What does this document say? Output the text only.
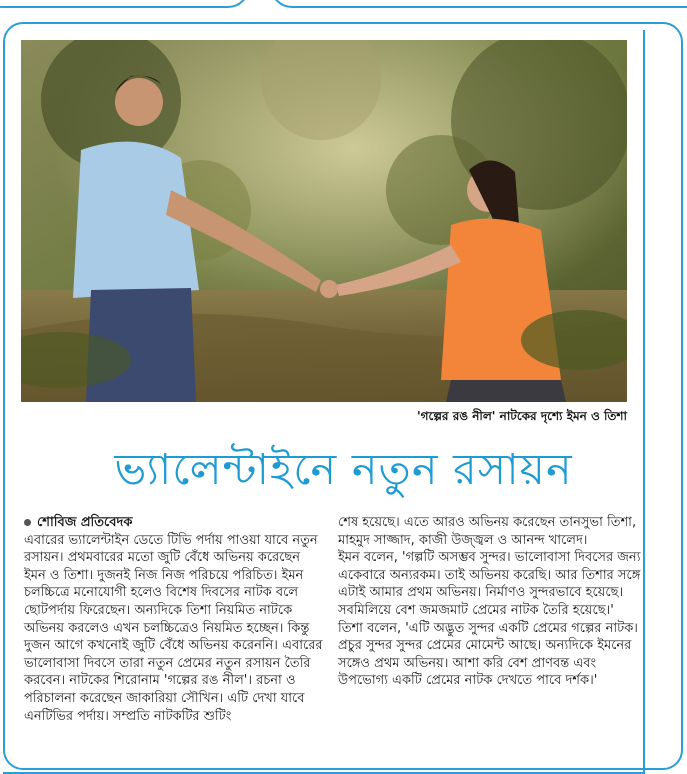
'গল্পের রঙ নীল' নাটকের দৃশ্যে ইমন ও তিশা
ভ্যালেন্টাইনে নতুন রসায়ন
শোবিজ প্রতিবেদক

এবারের ভ্যালেন্টাইন ডেতে টিভি পর্দায় পাওয়া যাবে নতুন রসায়ন। প্রথমবারের মতো জুটি বেঁধে অভিনয় করেছেন ইমন ও তিশা। দুজনই নিজ নিজ পরিচয়ে পরিচিত। ইমন চলচ্চিত্রে মনোযোগী হলেও বিশেষ দিবসের নাটক বলে ছোটপর্দায় ফিরেছেন। অন্যদিকে তিশা নিয়মিত নাটকে অভিনয় করলেও এখন চলচ্চিত্রেও নিয়মিত হচ্ছেন। কিন্তু দুজন আগে কখনোই জুটি বেঁধে অভিনয় করেননি। এবারের ভালোবাসা দিবসে তারা নতুন প্রেমের নতুন রসায়ন তৈরি করবেন। নাটকের শিরোনাম 'গল্পের রঙ নীল'। রচনা ও পরিচালনা করেছেন জাকারিয়া সৌখিন। এটি দেখা যাবে এনটিভির পর্দায়। সম্প্রতি নাটকটির শুটিং

শেষ হয়েছে। এতে আরও অভিনয় করেছেন তানসুভা তিশা, মাহমুদ সাজ্জাদ, কাজী উজ্জ্বল ও আনন্দ খালেদ।

ইমন বলেন, 'গল্পটি অসম্ভব সুন্দর। ভালোবাসা দিবসের জন্য একেবারে অন্যরকম। তাই অভিনয় করেছি। আর তিশার সঙ্গে এটাই আমার প্রথম অভিনয়। নির্মাণও সুন্দরভাবে হয়েছে। সবমিলিয়ে বেশ জমজমাট প্রেমের নাটক তৈরি হয়েছে।'

তিশা বলেন, 'এটি অদ্ভুত সুন্দর একটি প্রেমের গল্পের নাটক। প্রচুর সুন্দর সুন্দর প্রেমের মোমেন্ট আছে। অন্যদিকে ইমনের সঙ্গেও প্রথম অভিনয়। আশা করি বেশ প্রাণবন্ত এবং উপভোগ্য একটি প্রেমের নাটক দেখতে পাবে দর্শক।'
